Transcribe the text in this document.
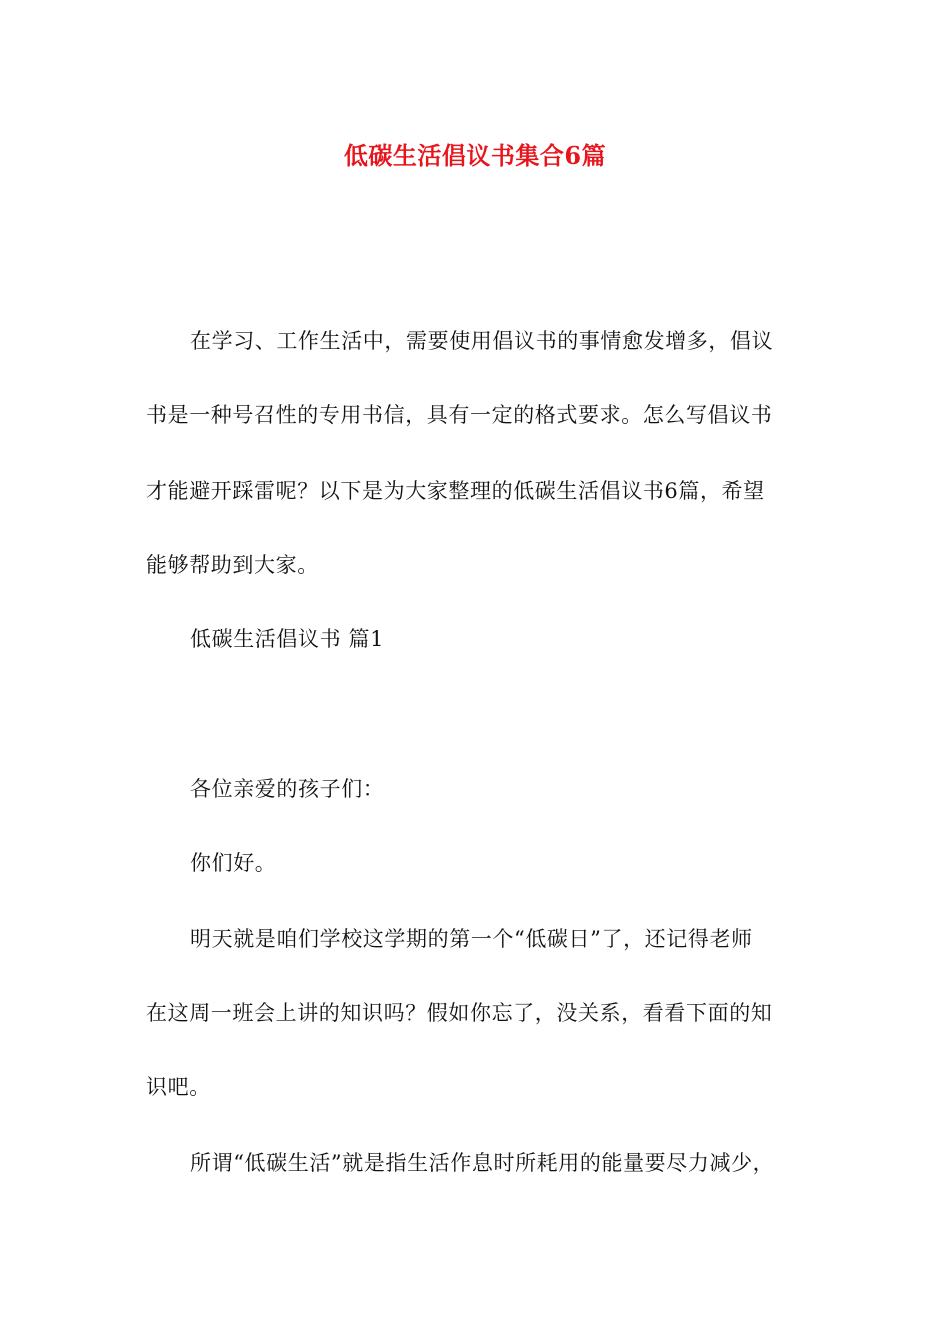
低碳生活倡议书集合6篇
在学习、工作生活中，需要使用倡议书的事情愈发增多，倡议
书是一种号召性的专用书信，具有一定的格式要求。怎么写倡议书
才能避开踩雷呢？以下是为大家整理的低碳生活倡议书6篇，希望
能够帮助到大家。
低碳生活倡议书 篇1
各位亲爱的孩子们：
你们好。
明天就是咱们学校这学期的第一个“低碳日”了，还记得老师
在这周一班会上讲的知识吗？假如你忘了，没关系，看看下面的知
识吧。
所谓“低碳生活”就是指生活作息时所耗用的能量要尽力减少，
